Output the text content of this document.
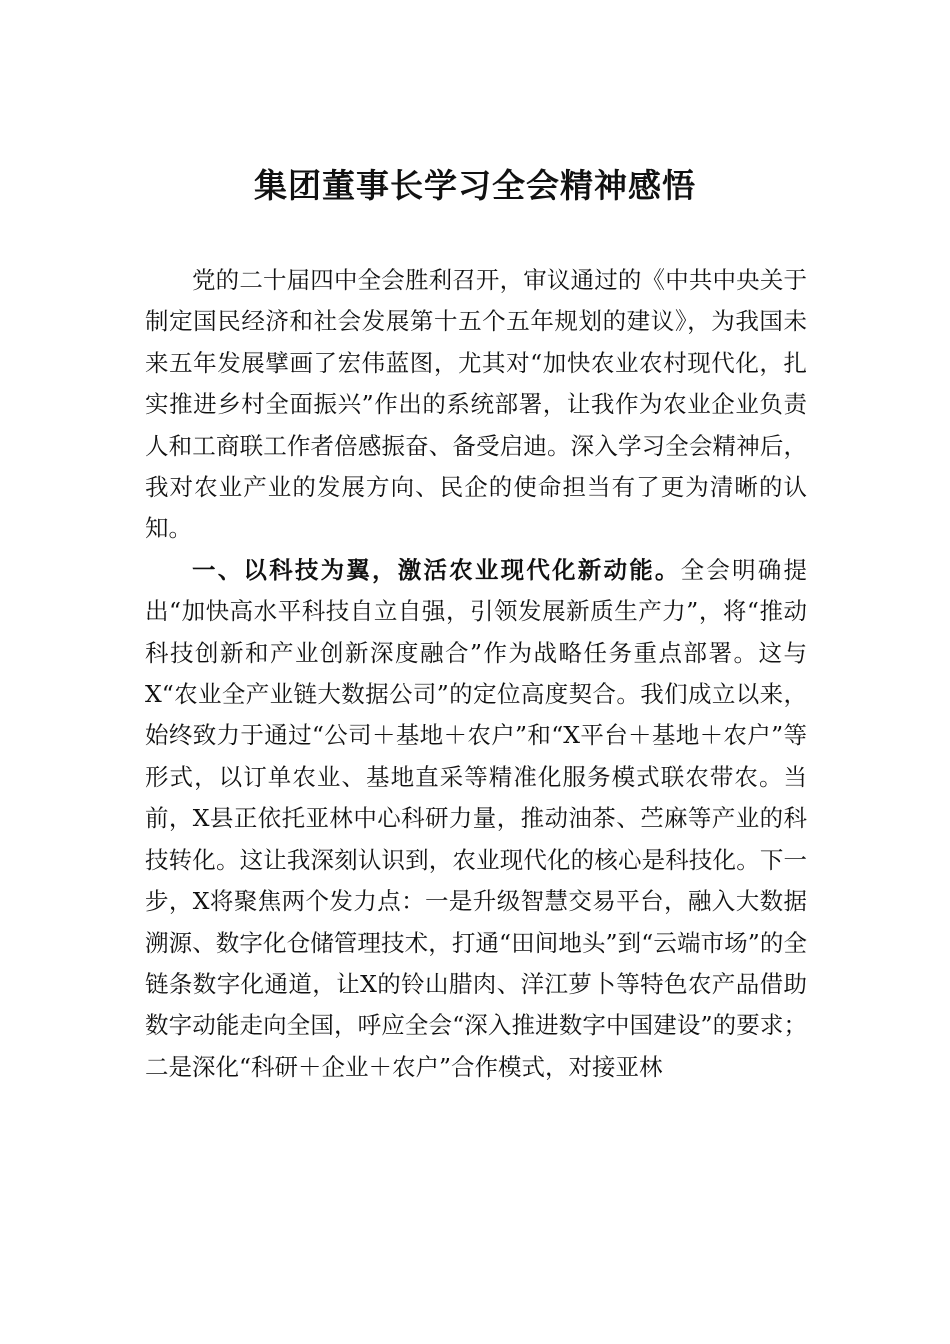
集团董事长学习全会精神感悟

党的二十届四中全会胜利召开，审议通过的《中共中央关于制定国民经济和社会发展第十五个五年规划的建议》，为我国未来五年发展擘画了宏伟蓝图，尤其对“加快农业农村现代化，扎实推进乡村全面振兴”作出的系统部署，让我作为农业企业负责人和工商联工作者倍感振奋、备受启迪。深入学习全会精神后，我对农业产业的发展方向、民企的使命担当有了更为清晰的认知。

一、以科技为翼，激活农业现代化新动能。全会明确提出“加快高水平科技自立自强，引领发展新质生产力”，将“推动科技创新和产业创新深度融合”作为战略任务重点部署。这与X“农业全产业链大数据公司”的定位高度契合。我们成立以来，始终致力于通过“公司＋基地＋农户”和“X平台＋基地＋农户”等形式，以订单农业、基地直采等精准化服务模式联农带农。当前，X县正依托亚林中心科研力量，推动油茶、苎麻等产业的科技转化。这让我深刻认识到，农业现代化的核心是科技化。下一步，X将聚焦两个发力点：一是升级智慧交易平台，融入大数据溯源、数字化仓储管理技术，打通“田间地头”到“云端市场”的全链条数字化通道，让X的铃山腊肉、洋江萝卜等特色农产品借助数字动能走向全国，呼应全会“深入推进数字中国建设”的要求；二是深化“科研＋企业＋农户”合作模式，对接亚林
